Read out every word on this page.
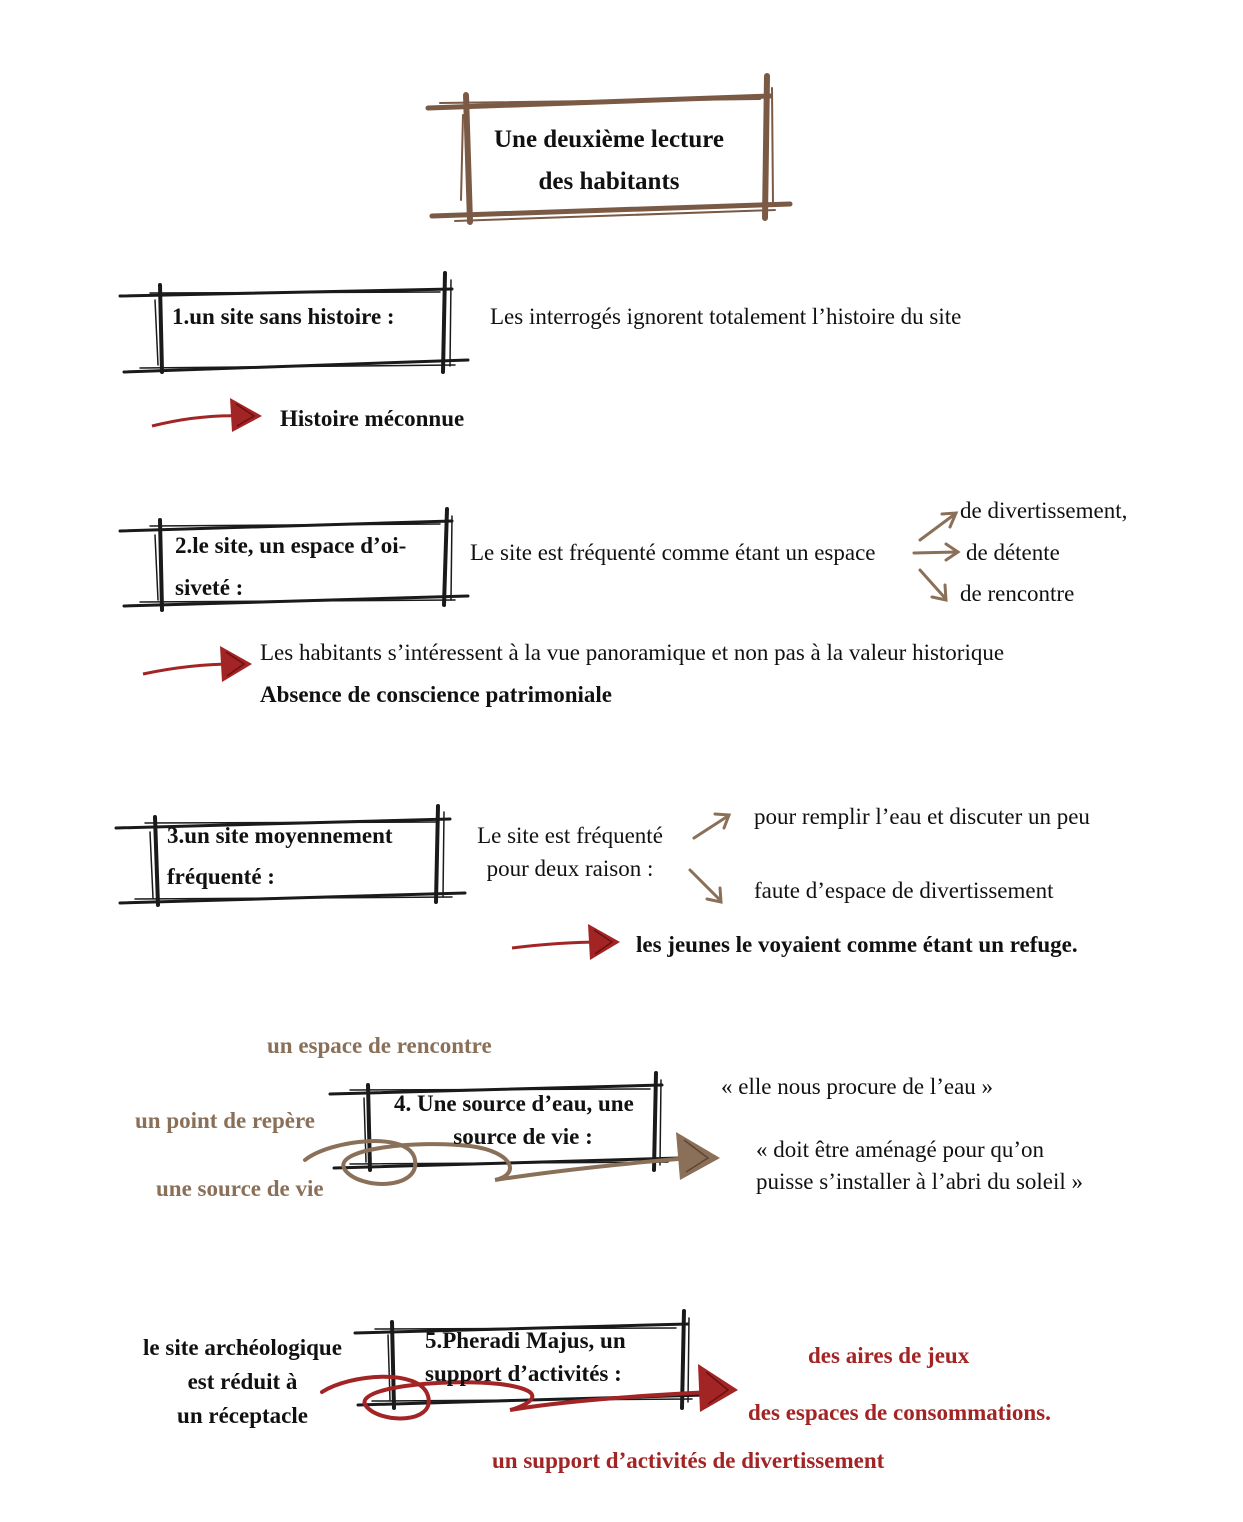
Une deuxième lecture
des habitants
1.un site sans histoire :	Les interrogés ignorent totalement l’histoire du site
Histoire méconnue
2.le site, un espace d’oi-
siveté :
Le site est fréquenté comme étant un espace
de divertissement,
de détente
de rencontre
Les habitants s’intéressent à la vue panoramique et non pas à la valeur historique
Absence de conscience patrimoniale
3.un site moyennement
fréquenté :
Le site est fréquenté
pour deux raison :
pour remplir l’eau et discuter un peu
faute d’espace de divertissement
les jeunes le voyaient comme étant un refuge.
un espace de rencontre
un point de repère
une source de vie
4. Une source d’eau, une
source de vie :
« elle nous procure de l’eau »
« doit être aménagé pour qu’on
puisse s’installer à l’abri du soleil »
le site archéologique
est réduit à
un réceptacle
5.Pheradi Majus, un
support d’activités :
des aires de jeux
des espaces de consommations.
un support d’activités de divertissement
